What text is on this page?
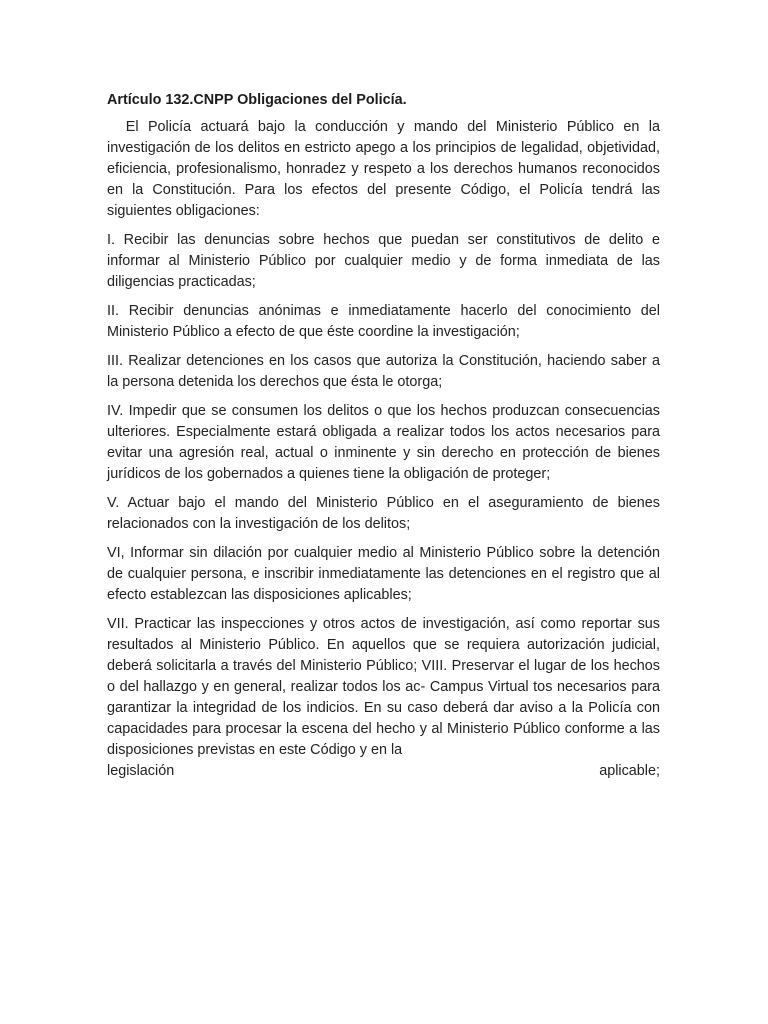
Artículo 132.CNPP Obligaciones del Policía.

El Policía actuará bajo la conducción y mando del Ministerio Público en la investigación de los delitos en estricto apego a los principios de legalidad, objetividad, eficiencia, profesionalismo, honradez y respeto a los derechos humanos reconocidos en la Constitución. Para los efectos del presente Código, el Policía tendrá las siguientes obligaciones:

I. Recibir las denuncias sobre hechos que puedan ser constitutivos de delito e informar al Ministerio Público por cualquier medio y de forma inmediata de las diligencias practicadas;

II. Recibir denuncias anónimas e inmediatamente hacerlo del conocimiento del Ministerio Público a efecto de que éste coordine la investigación;

III. Realizar detenciones en los casos que autoriza la Constitución, haciendo saber a la persona detenida los derechos que ésta le otorga;

IV. Impedir que se consumen los delitos o que los hechos produzcan consecuencias ulteriores. Especialmente estará obligada a realizar todos los actos necesarios para evitar una agresión real, actual o inminente y sin derecho en protección de bienes jurídicos de los gobernados a quienes tiene la obligación de proteger;

V. Actuar bajo el mando del Ministerio Público en el aseguramiento de bienes relacionados con la investigación de los delitos;

VI, Informar sin dilación por cualquier medio al Ministerio Público sobre la detención de cualquier persona, e inscribir inmediatamente las detenciones en el registro que al efecto establezcan las disposiciones aplicables;

VII. Practicar las inspecciones y otros actos de investigación, así como reportar sus resultados al Ministerio Público. En aquellos que se requiera autorización judicial, deberá solicitarla a través del Ministerio Público; VIII. Preservar el lugar de los hechos o del hallazgo y en general, realizar todos los ac- Campus Virtual tos necesarios para garantizar la integridad de los indicios. En su caso deberá dar aviso a la Policía con capacidades para procesar la escena del hecho y al Ministerio Público conforme a las disposiciones previstas en este Código y en la

legislación	aplicable;
